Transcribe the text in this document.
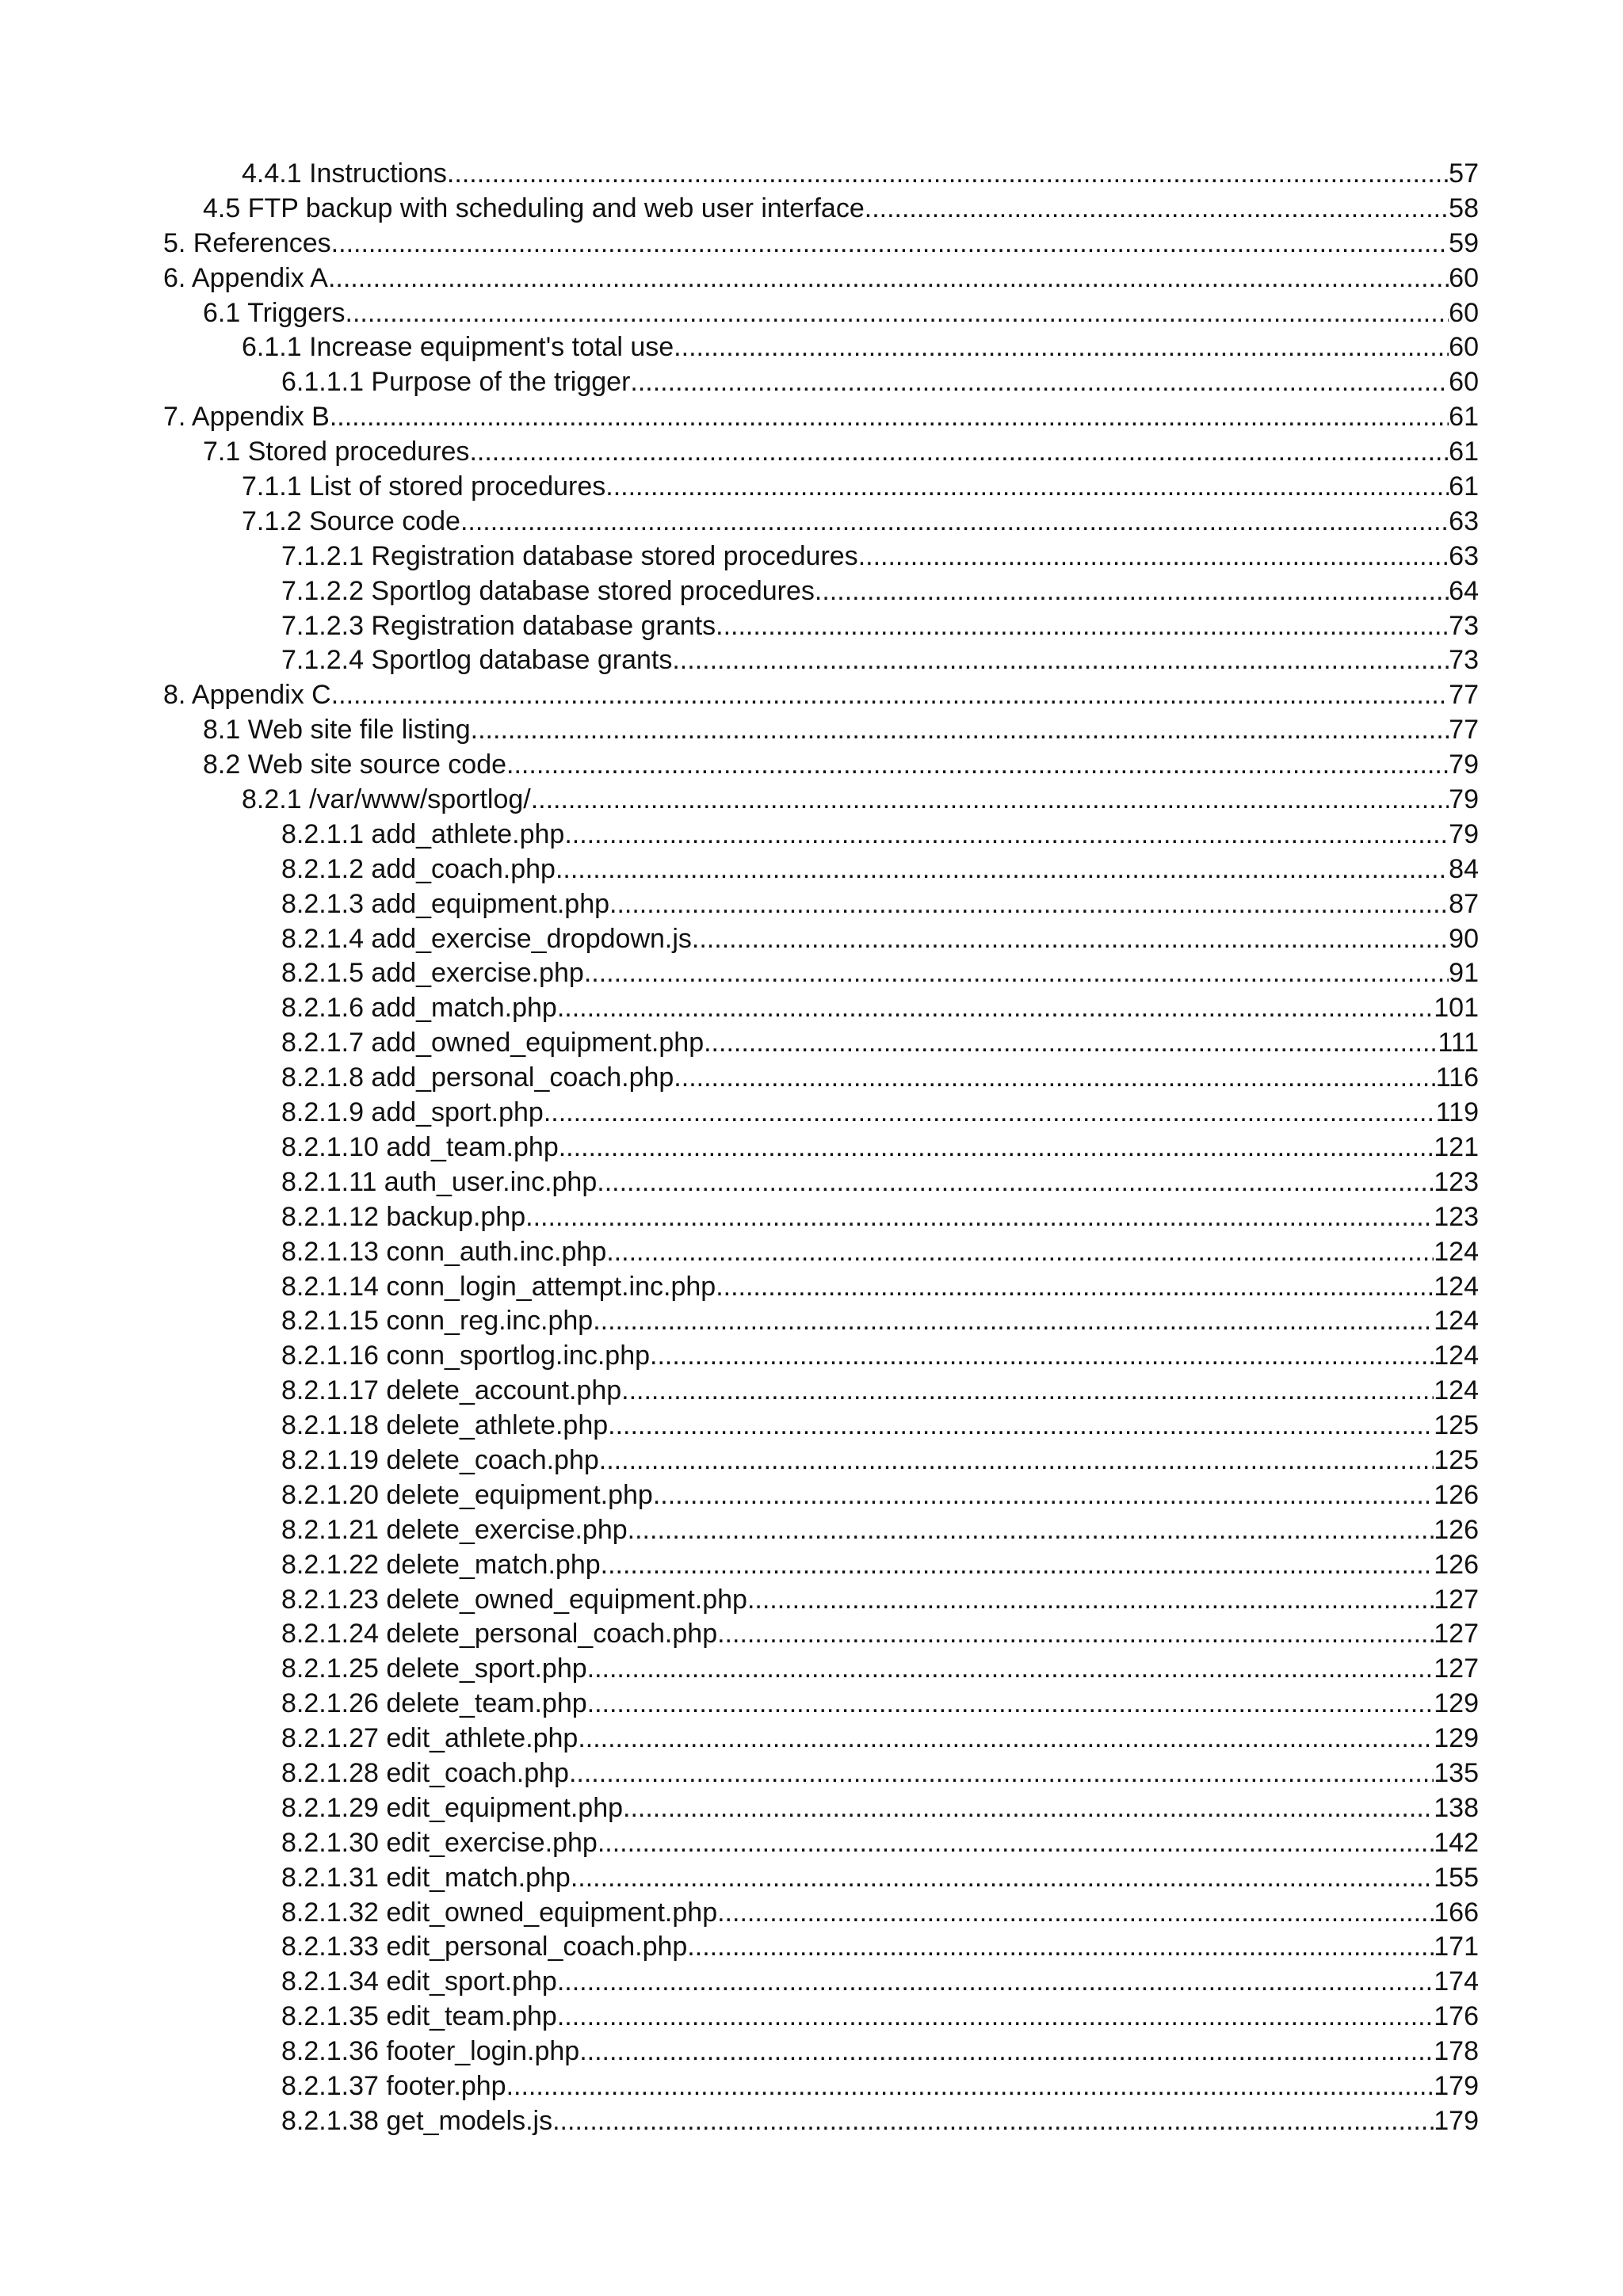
4.4.1 Instructions .....	57
4.5 FTP backup with scheduling and web user interface .....	58
5. References .....	59
6. Appendix A .....	60
6.1 Triggers .....	60
6.1.1 Increase equipment's total use .....	60
6.1.1.1 Purpose of the trigger .....	60
7. Appendix B .....	61
7.1 Stored procedures .....	61
7.1.1 List of stored procedures .....	61
7.1.2 Source code .....	63
7.1.2.1 Registration database stored procedures .....	63
7.1.2.2 Sportlog database stored procedures .....	64
7.1.2.3 Registration database grants .....	73
7.1.2.4 Sportlog database grants .....	73
8. Appendix C .....	77
8.1 Web site file listing .....	77
8.2 Web site source code .....	79
8.2.1 /var/www/sportlog/ .....	79
8.2.1.1 add_athlete.php .....	79
8.2.1.2 add_coach.php .....	84
8.2.1.3 add_equipment.php .....	87
8.2.1.4 add_exercise_dropdown.js .....	90
8.2.1.5 add_exercise.php .....	91
8.2.1.6 add_match.php .....	101
8.2.1.7 add_owned_equipment.php .....	111
8.2.1.8 add_personal_coach.php .....	116
8.2.1.9 add_sport.php .....	119
8.2.1.10 add_team.php .....	121
8.2.1.11 auth_user.inc.php .....	123
8.2.1.12 backup.php .....	123
8.2.1.13 conn_auth.inc.php .....	124
8.2.1.14 conn_login_attempt.inc.php .....	124
8.2.1.15 conn_reg.inc.php .....	124
8.2.1.16 conn_sportlog.inc.php .....	124
8.2.1.17 delete_account.php .....	124
8.2.1.18 delete_athlete.php .....	125
8.2.1.19 delete_coach.php .....	125
8.2.1.20 delete_equipment.php .....	126
8.2.1.21 delete_exercise.php .....	126
8.2.1.22 delete_match.php .....	126
8.2.1.23 delete_owned_equipment.php .....	127
8.2.1.24 delete_personal_coach.php .....	127
8.2.1.25 delete_sport.php .....	127
8.2.1.26 delete_team.php .....	129
8.2.1.27 edit_athlete.php .....	129
8.2.1.28 edit_coach.php .....	135
8.2.1.29 edit_equipment.php .....	138
8.2.1.30 edit_exercise.php .....	142
8.2.1.31 edit_match.php .....	155
8.2.1.32 edit_owned_equipment.php .....	166
8.2.1.33 edit_personal_coach.php .....	171
8.2.1.34 edit_sport.php .....	174
8.2.1.35 edit_team.php .....	176
8.2.1.36 footer_login.php .....	178
8.2.1.37 footer.php .....	179
8.2.1.38 get_models.js .....	179
